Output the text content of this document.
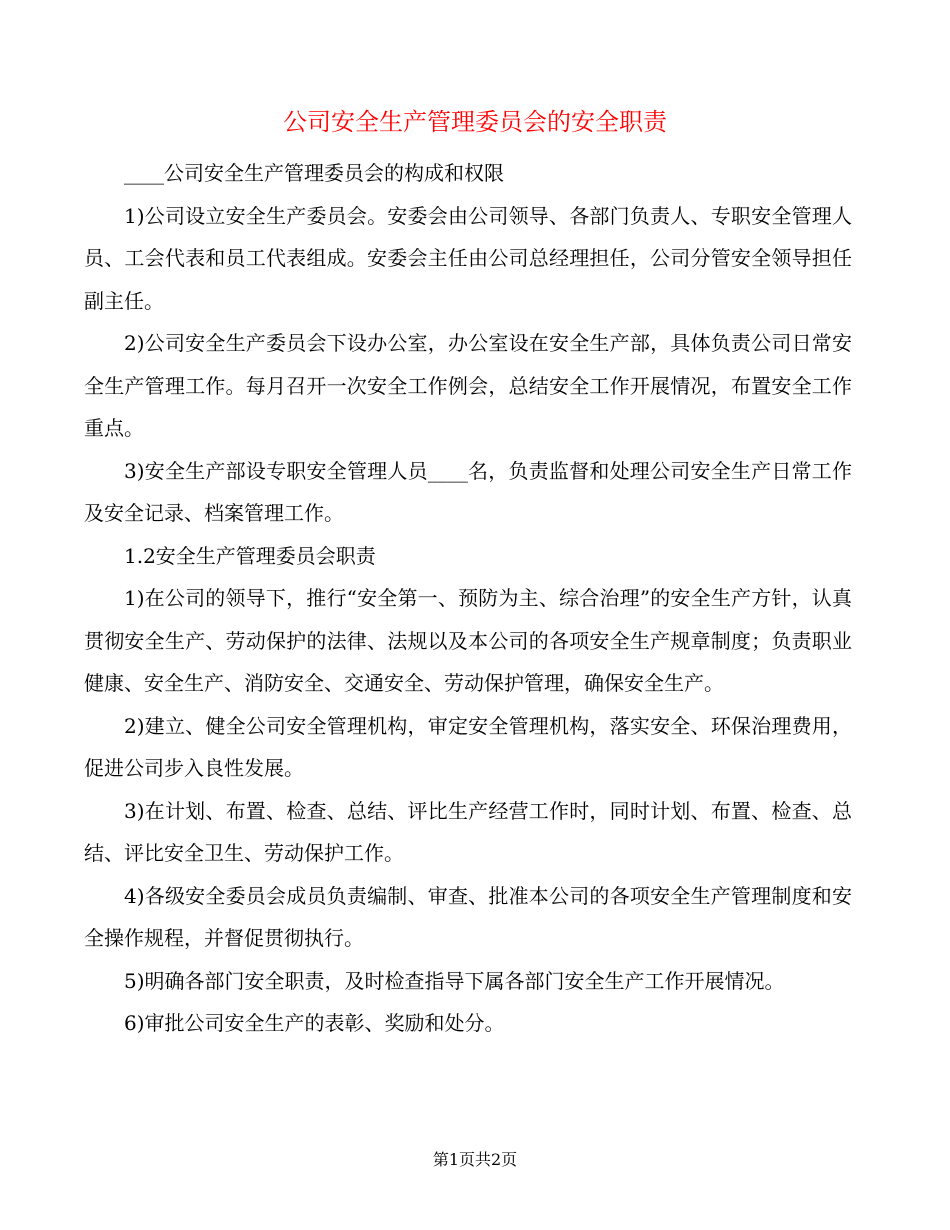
公司安全生产管理委员会的安全职责

____公司安全生产管理委员会的构成和权限

1)公司设立安全生产委员会。安委会由公司领导、各部门负责人、专职安全管理人员、工会代表和员工代表组成。安委会主任由公司总经理担任，公司分管安全领导担任副主任。

2)公司安全生产委员会下设办公室，办公室设在安全生产部，具体负责公司日常安全生产管理工作。每月召开一次安全工作例会，总结安全工作开展情况，布置安全工作重点。

3)安全生产部设专职安全管理人员____名，负责监督和处理公司安全生产日常工作及安全记录、档案管理工作。

1.2安全生产管理委员会职责

1)在公司的领导下，推行“安全第一、预防为主、综合治理”的安全生产方针，认真贯彻安全生产、劳动保护的法律、法规以及本公司的各项安全生产规章制度；负责职业健康、安全生产、消防安全、交通安全、劳动保护管理，确保安全生产。

2)建立、健全公司安全管理机构，审定安全管理机构，落实安全、环保治理费用，促进公司步入良性发展。

3)在计划、布置、检查、总结、评比生产经营工作时，同时计划、布置、检查、总结、评比安全卫生、劳动保护工作。

4)各级安全委员会成员负责编制、审查、批准本公司的各项安全生产管理制度和安全操作规程，并督促贯彻执行。

5)明确各部门安全职责，及时检查指导下属各部门安全生产工作开展情况。

6)审批公司安全生产的表彰、奖励和处分。

第1页共2页
